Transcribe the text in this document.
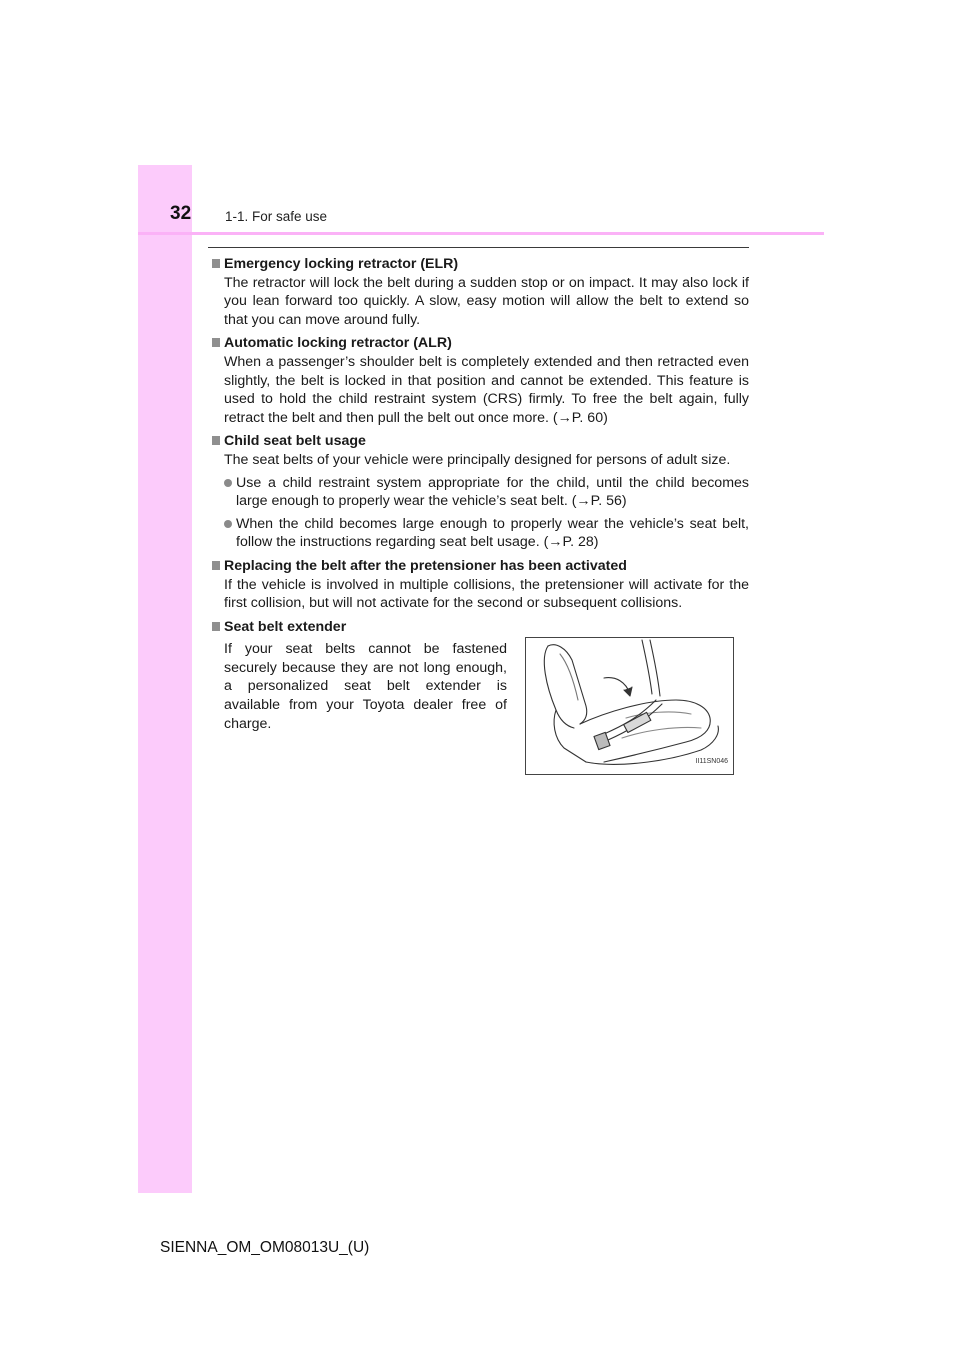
32	1-1. For safe use
Emergency locking retractor (ELR)
The retractor will lock the belt during a sudden stop or on impact. It may also lock if you lean forward too quickly. A slow, easy motion will allow the belt to extend so that you can move around fully.
Automatic locking retractor (ALR)
When a passenger’s shoulder belt is completely extended and then retracted even slightly, the belt is locked in that position and cannot be extended. This feature is used to hold the child restraint system (CRS) firmly. To free the belt again, fully retract the belt and then pull the belt out once more. (→P. 60)
Child seat belt usage
The seat belts of your vehicle were principally designed for persons of adult size.
Use a child restraint system appropriate for the child, until the child becomes large enough to properly wear the vehicle’s seat belt. (→P. 56)
When the child becomes large enough to properly wear the vehicle’s seat belt, follow the instructions regarding seat belt usage. (→P. 28)
Replacing the belt after the pretensioner has been activated
If the vehicle is involved in multiple collisions, the pretensioner will activate for the first collision, but will not activate for the second or subsequent collisions.
Seat belt extender
If your seat belts cannot be fastened securely because they are not long enough, a personalized seat belt extender is available from your Toyota dealer free of charge.
II11SN046
SIENNA_OM_OM08013U_(U)
